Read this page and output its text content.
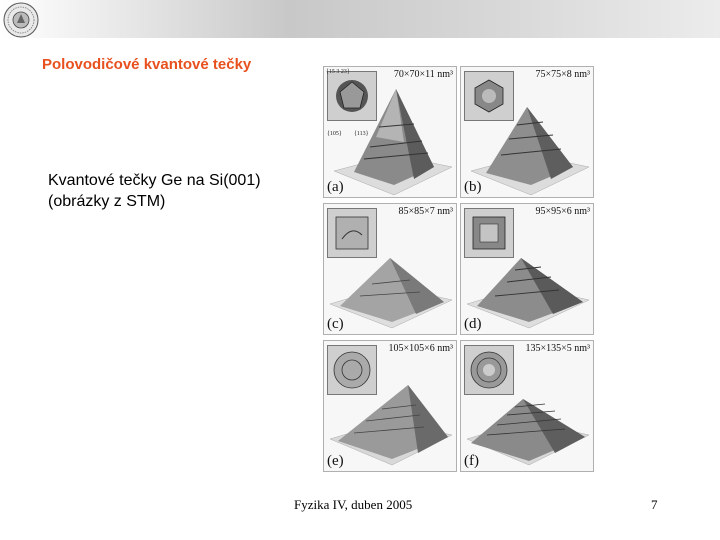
Polovodičové kvantové tečky
Kvantové tečky Ge na Si(001)
(obrázky z STM)
{15 3 23}
{105} {113}
70×70×11 nm³
(a)
75×75×8 nm³
(b)
85×85×7 nm³
(c)
95×95×6 nm³
(d)
105×105×6 nm³
(e)
135×135×5 nm³
(f)
Fyzika IV, duben 2005	7
